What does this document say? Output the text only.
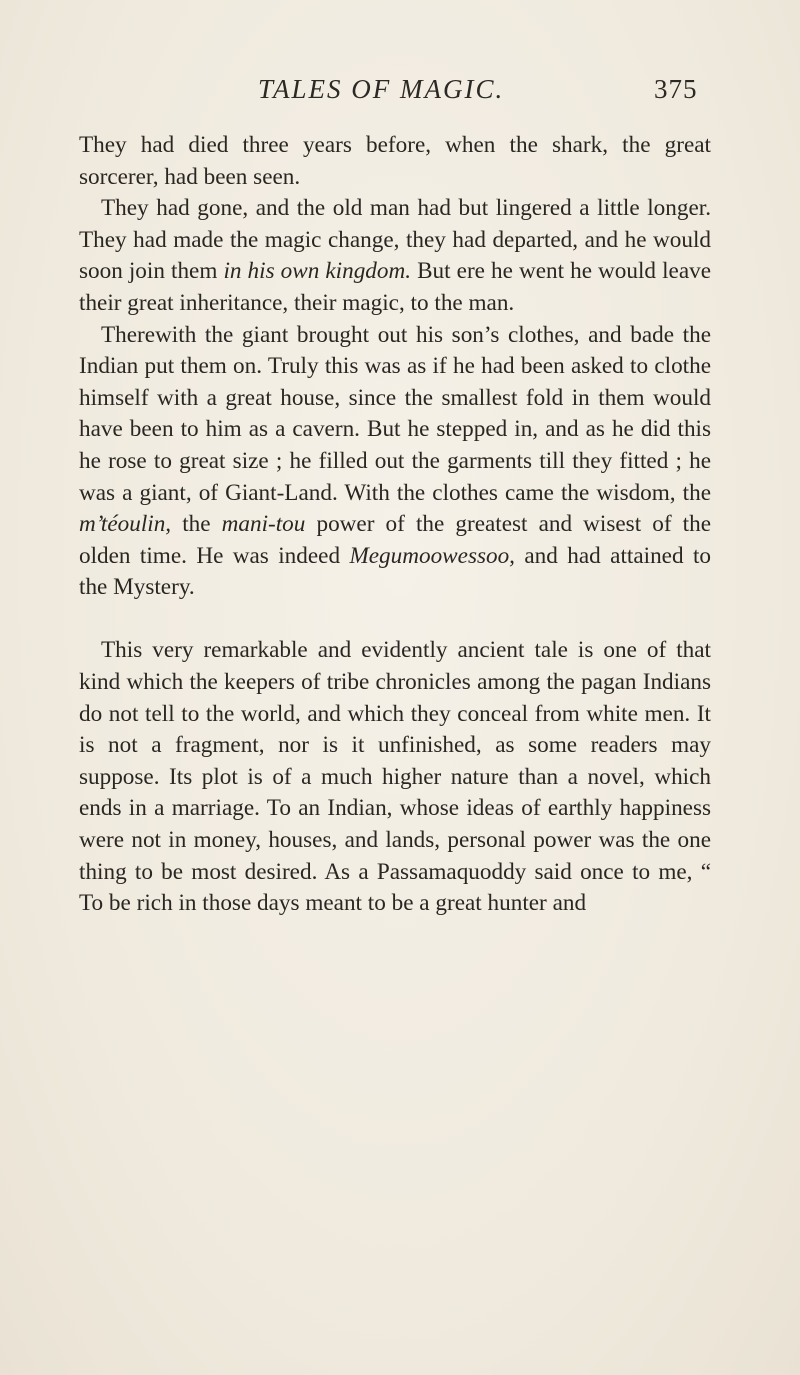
TALES OF MAGIC.	375

They had died three years before, when the shark, the great sorcerer, had been seen.

They had gone, and the old man had but lingered a little longer. They had made the magic change, they had departed, and he would soon join them in his own kingdom. But ere he went he would leave their great inheritance, their magic, to the man.

Therewith the giant brought out his son’s clothes, and bade the Indian put them on. Truly this was as if he had been asked to clothe himself with a great house, since the smallest fold in them would have been to him as a cavern. But he stepped in, and as he did this he rose to great size ; he filled out the garments till they fitted ; he was a giant, of Giant-Land. With the clothes came the wisdom, the m’téoulin, the mani-tou power of the greatest and wisest of the olden time. He was indeed Megumoowessoo, and had attained to the Mystery.

This very remarkable and evidently ancient tale is one of that kind which the keepers of tribe chronicles among the pagan Indians do not tell to the world, and which they conceal from white men. It is not a fragment, nor is it unfinished, as some readers may suppose. Its plot is of a much higher nature than a novel, which ends in a marriage. To an Indian, whose ideas of earthly happiness were not in money, houses, and lands, personal power was the one thing to be most desired. As a Passamaquoddy said once to me, “ To be rich in those days meant to be a great hunter and
